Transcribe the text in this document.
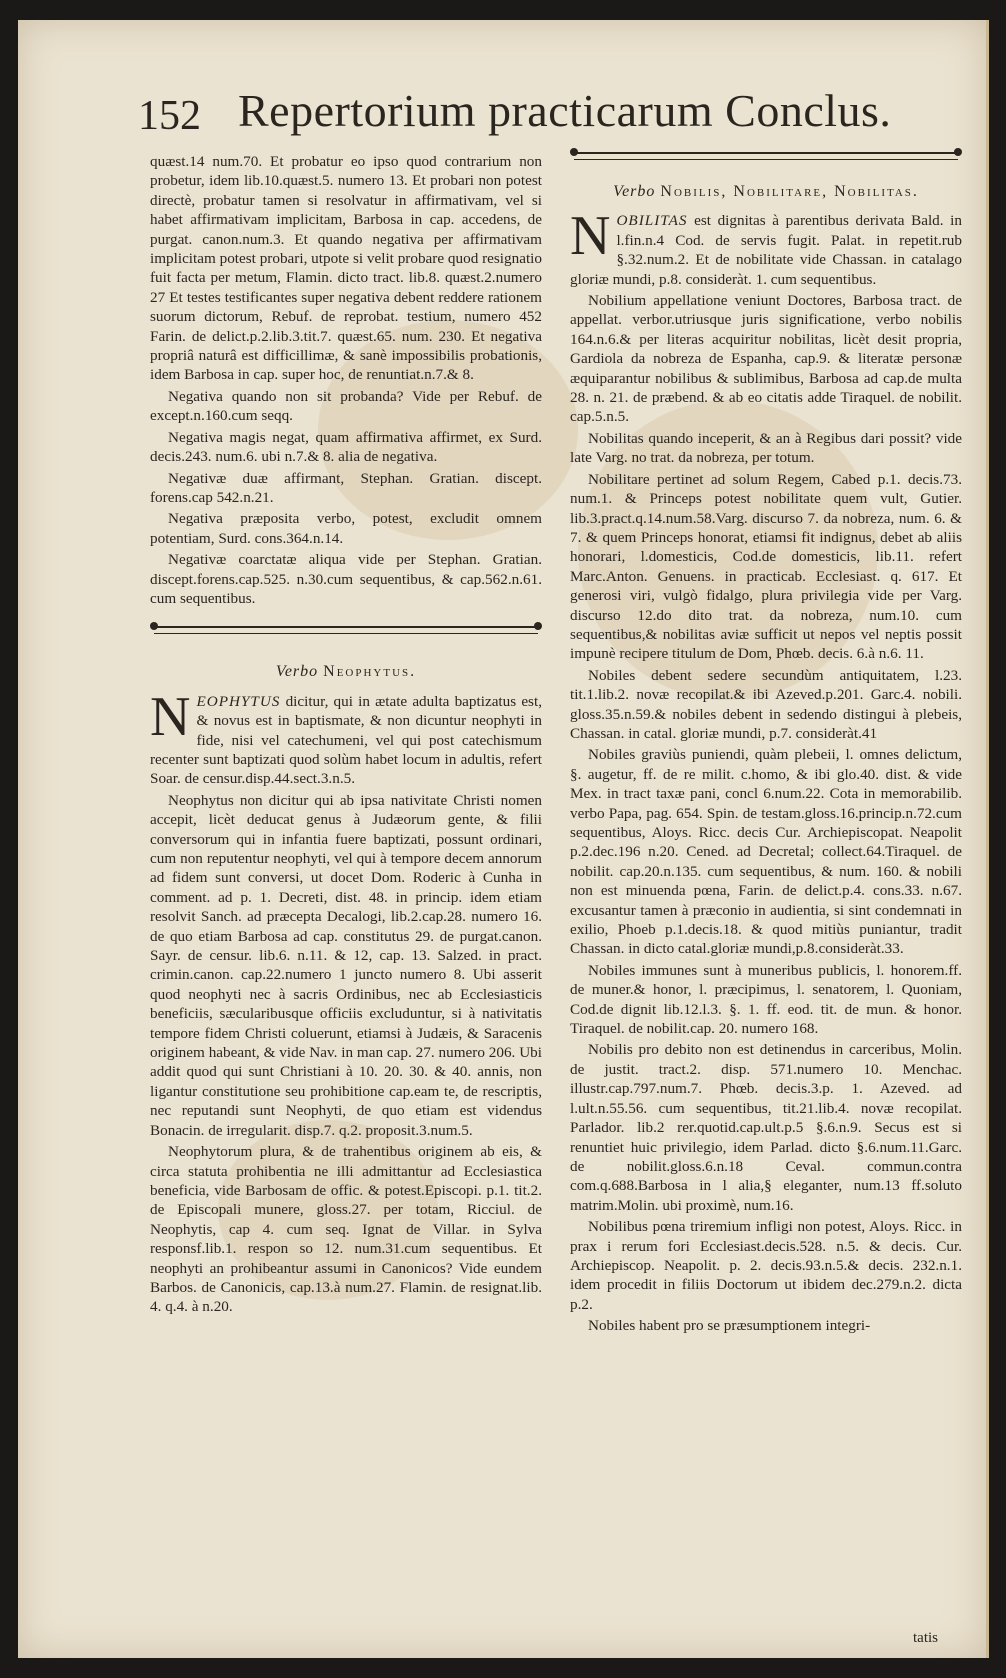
152 Repertorium practicarum Conclus.

quæst.14 num.70. Et probatur eo ipso quod contrarium non probetur, idem lib.10.quæst.5. numero 13. Et probari non potest directè, probatur tamen si resolvatur in affirmativam, vel si habet affirmativam implicitam, Barbosa in cap. accedens, de purgat. canon.num.3. Et quando negativa per affirmativam implicitam potest probari, utpote si velit probare quod resignatio fuit facta per metum, Flamin. dicto tract. lib.8. quæst.2.numero 27 Et testes testificantes super negativa debent reddere rationem suorum dictorum, Rebuf. de reprobat. testium, numero 452 Farin. de delict.p.2.lib.3.tit.7. quæst.65. num. 230. Et negativa propriâ naturâ est difficillimæ, & sanè impossibilis probationis, idem Barbosa in cap. super hoc, de renuntiat.n.7.& 8.

Negativa quando non sit probanda? Vide per Rebuf. de except.n.160.cum seqq.

Negativa magis negat, quam affirmativa affirmet, ex Surd. decis.243. num.6. ubi n.7.& 8. alia de negativa.

Negativæ duæ affirmant, Stephan. Gratian. discept. forens.cap 542.n.21.

Negativa præposita verbo, potest, excludit omnem potentiam, Surd. cons.364.n.14.

Negativæ coarctatæ aliqua vide per Stephan. Gratian. discept.forens.cap.525. n.30.cum sequentibus, & cap.562.n.61. cum sequentibus.

Verbo Neophytus.

NEOPHYTUS dicitur, qui in ætate adulta baptizatus est, & novus est in baptismate, & non dicuntur neophyti in fide, nisi vel catechumeni, vel qui post catechismum recenter sunt baptizati quod solùm habet locum in adultis, refert Soar. de censur.disp.44.sect.3.n.5.

Neophytus non dicitur qui ab ipsa nativitate Christi nomen accepit, licèt deducat genus à Judæorum gente, & filii conversorum qui in infantia fuere baptizati, possunt ordinari, cum non reputentur neophyti, vel qui à tempore decem annorum ad fidem sunt conversi, ut docet Dom. Roderic à Cunha in comment. ad p. 1. Decreti, dist. 48. in princip. idem etiam resolvit Sanch. ad præcepta Decalogi, lib.2.cap.28. numero 16. de quo etiam Barbosa ad cap. constitutus 29. de purgat.canon. Sayr. de censur. lib.6. n.11. & 12, cap. 13. Salzed. in pract. crimin.canon. cap.22.numero 1 juncto numero 8. Ubi asserit quod neophyti nec à sacris Ordinibus, nec ab Ecclesiasticis beneficiis, sæcularibusque officiis excluduntur, si à nativitatis tempore fidem Christi coluerunt, etiamsi à Judæis, & Saracenis originem habeant, & vide Nav. in man cap. 27. numero 206. Ubi addit quod qui sunt Christiani à 10. 20. 30. & 40. annis, non ligantur constitutione seu prohibitione cap.eam te, de rescriptis, nec reputandi sunt Neophyti, de quo etiam est videndus Bonacin. de irregularit. disp.7. q.2. proposit.3.num.5.

Neophytorum plura, & de trahentibus originem ab eis, & circa statuta prohibentia ne illi admittantur ad Ecclesiastica beneficia, vide Barbosam de offic. & potest.Episcopi. p.1. tit.2. de Episcopali munere, gloss.27. per totam, Ricciul. de Neophytis, cap 4. cum seq. Ignat de Villar. in Sylva responsf.lib.1. respon so 12. num.31.cum sequentibus. Et neophyti an prohibeantur assumi in Canonicos? Vide eundem Barbos. de Canonicis, cap.13.à num.27. Flamin. de resignat.lib. 4. q.4. à n.20.

Verbo Nobilis, Nobilitare, Nobilitas.

NOBILITAS est dignitas à parentibus derivata Bald. in l.fin.n.4 Cod. de servis fugit. Palat. in repetit.rub §.32.num.2. Et de nobilitate vide Chassan. in catalago gloriæ mundi, p.8. consideràt. 1. cum sequentibus.

Nobilium appellatione veniunt Doctores, Barbosa tract. de appellat. verbor.utriusque juris significatione, verbo nobilis 164.n.6.& per literas acquiritur nobilitas, licèt desit propria, Gardiola da nobreza de Espanha, cap.9. & literatæ personæ æquiparantur nobilibus & sublimibus, Barbosa ad cap.de multa 28. n. 21. de præbend. & ab eo citatis adde Tiraquel. de nobilit. cap.5.n.5.

Nobilitas quando inceperit, & an à Regibus dari possit? vide late Varg. no trat. da nobreza, per totum.

Nobilitare pertinet ad solum Regem, Cabed p.1. decis.73. num.1. & Princeps potest nobilitate quem vult, Gutier. lib.3.pract.q.14.num.58.Varg. discurso 7. da nobreza, num. 6. & 7. & quem Princeps honorat, etiamsi fit indignus, debet ab aliis honorari, l.domesticis, Cod.de domesticis, lib.11. refert Marc.Anton. Genuens. in practicab. Ecclesiast. q. 617. Et generosi viri, vulgò fidalgo, plura privilegia vide per Varg. discurso 12.do dito trat. da nobreza, num.10. cum sequentibus,& nobilitas aviæ sufficit ut nepos vel neptis possit impunè recipere titulum de Dom, Phœb. decis. 6.à n.6. 11.

Nobiles debent sedere secundùm antiquitatem, l.23. tit.1.lib.2. novæ recopilat.& ibi Azeved.p.201. Garc.4. nobili. gloss.35.n.59.& nobiles debent in sedendo distingui à plebeis, Chassan. in catal. gloriæ mundi, p.7. consideràt.41

Nobiles graviùs puniendi, quàm plebeii, l. omnes delictum, §. augetur, ff. de re milit. c.homo, & ibi glo.40. dist. & vide Mex. in tract taxæ pani, concl 6.num.22. Cota in memorabilib. verbo Papa, pag. 654. Spin. de testam.gloss.16.princip.n.72.cum sequentibus, Aloys. Ricc. decis Cur. Archiepiscopat. Neapolit p.2.dec.196 n.20. Cened. ad Decretal; collect.64.Tiraquel. de nobilit. cap.20.n.135. cum sequentibus, & num. 160. & nobili non est minuenda pœna, Farin. de delict.p.4. cons.33. n.67. excusantur tamen à præconio in audientia, si sint condemnati in exilio, Phoeb p.1.decis.18. & quod mitiùs puniantur, tradit Chassan. in dicto catal.gloriæ mundi,p.8.consideràt.33.

Nobiles immunes sunt à muneribus publicis, l. honorem.ff. de muner.& honor, l. præcipimus, l. senatorem, l. Quoniam, Cod.de dignit lib.12.l.3. §. 1. ff. eod. tit. de mun. & honor. Tiraquel. de nobilit.cap. 20. numero 168.

Nobilis pro debito non est detinendus in carceribus, Molin. de justit. tract.2. disp. 571.numero 10. Menchac. illustr.cap.797.num.7. Phœb. decis.3.p. 1. Azeved. ad l.ult.n.55.56. cum sequentibus, tit.21.lib.4. novæ recopilat. Parlador. lib.2 rer.quotid.cap.ult.p.5 §.6.n.9. Secus est si renuntiet huic privilegio, idem Parlad. dicto §.6.num.11.Garc. de nobilit.gloss.6.n.18 Ceval. commun.contra com.q.688.Barbosa in l alia,§ eleganter, num.13 ff.soluto matrim.Molin. ubi proximè, num.16.

Nobilibus pœna triremium infligi non potest, Aloys. Ricc. in prax i rerum fori Ecclesiast.decis.528. n.5. & decis. Cur. Archiepiscop. Neapolit. p. 2. decis.93.n.5.& decis. 232.n.1. idem procedit in filiis Doctorum ut ibidem dec.279.n.2. dicta p.2.

Nobiles habent pro se præsumptionem integri-

tatis
